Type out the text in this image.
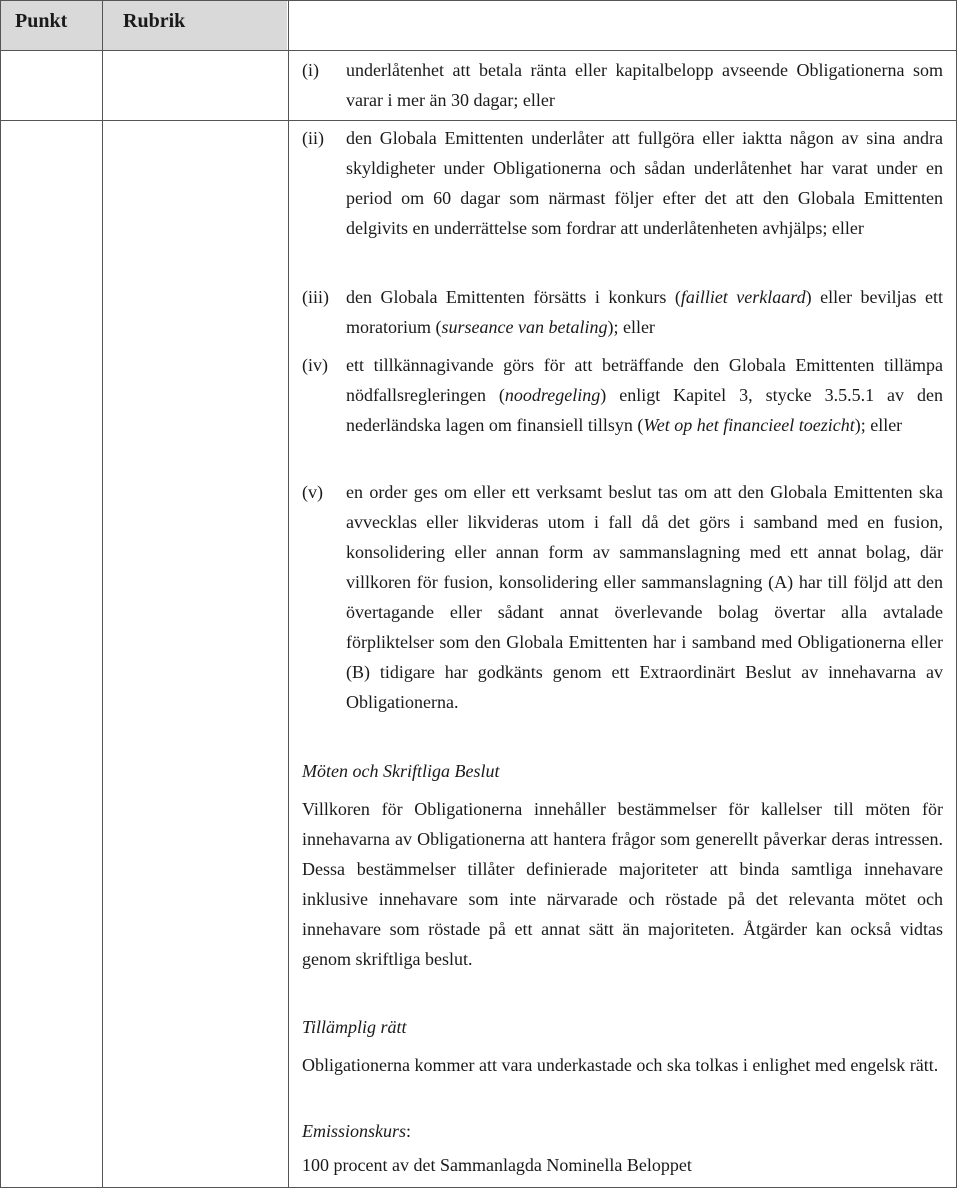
Punkt	Rubrik
(i) underlåtenhet att betala ränta eller kapitalbelopp avseende Obligationerna som varar i mer än 30 dagar; eller
(ii) den Globala Emittenten underlåter att fullgöra eller iaktta någon av sina andra skyldigheter under Obligationerna och sådan underlåtenhet har varat under en period om 60 dagar som närmast följer efter det att den Globala Emittenten delgivits en underrättelse som fordrar att underlåtenheten avhjälps; eller
(iii) den Globala Emittenten försätts i konkurs (failliet verklaard) eller beviljas ett moratorium (surseance van betaling); eller
(iv) ett tillkännagivande görs för att beträffande den Globala Emittenten tillämpa nödfallsregleringen (noodregeling) enligt Kapitel 3, stycke 3.5.5.1 av den nederländska lagen om finansiell tillsyn (Wet op het financieel toezicht); eller
(v) en order ges om eller ett verksamt beslut tas om att den Globala Emittenten ska avvecklas eller likvideras utom i fall då det görs i samband med en fusion, konsolidering eller annan form av sammanslagning med ett annat bolag, där villkoren för fusion, konsolidering eller sammanslagning (A) har till följd att den övertagande eller sådant annat överlevande bolag övertar alla avtalade förpliktelser som den Globala Emittenten har i samband med Obligationerna eller (B) tidigare har godkänts genom ett Extraordinärt Beslut av innehavarna av Obligationerna.
Möten och Skriftliga Beslut
Villkoren för Obligationerna innehåller bestämmelser för kallelser till möten för innehavarna av Obligationerna att hantera frågor som generellt påverkar deras intressen. Dessa bestämmelser tillåter definierade majoriteter att binda samtliga innehavare inklusive innehavare som inte närvarade och röstade på det relevanta mötet och innehavare som röstade på ett annat sätt än majoriteten. Åtgärder kan också vidtas genom skriftliga beslut.
Tillämplig rätt
Obligationerna kommer att vara underkastade och ska tolkas i enlighet med engelsk rätt.
Emissionskurs:
100 procent av det Sammanlagda Nominella Beloppet
